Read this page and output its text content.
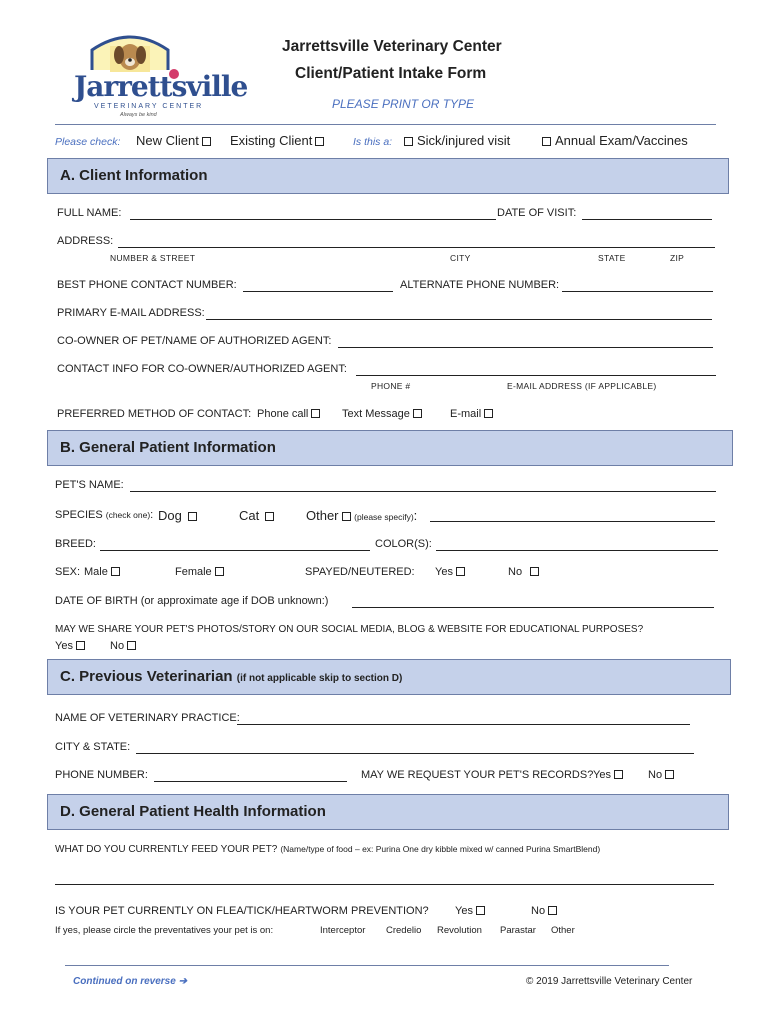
Jarrettsville
VETERINARY CENTER
Always be kind
Jarrettsville Veterinary Center
Client/Patient Intake Form
PLEASE PRINT OR TYPE
Please check: New Client	Existing Client	Is this a:	Sick/injured visit	Annual Exam/Vaccines
A. Client Information
FULL NAME:	DATE OF VISIT:
ADDRESS:
NUMBER & STREET	CITY	STATE	ZIP
BEST PHONE CONTACT NUMBER:	ALTERNATE PHONE NUMBER:
PRIMARY E-MAIL ADDRESS:
CO-OWNER OF PET/NAME OF AUTHORIZED AGENT:
CONTACT INFO FOR CO-OWNER/AUTHORIZED AGENT:
PHONE #	E-MAIL ADDRESS (IF APPLICABLE)
PREFERRED METHOD OF CONTACT: Phone call	Text Message	E-mail
B. General Patient Information
PET'S NAME:
SPECIES (check one): Dog	Cat	Other (please specify):
BREED:	COLOR(S):
SEX: Male	Female	SPAYED/NEUTERED: Yes	No
DATE OF BIRTH (or approximate age if DOB unknown:)
MAY WE SHARE YOUR PET'S PHOTOS/STORY ON OUR SOCIAL MEDIA, BLOG & WEBSITE FOR EDUCATIONAL PURPOSES?
Yes	No
C. Previous Veterinarian (if not applicable skip to section D)
NAME OF VETERINARY PRACTICE:
CITY & STATE:
PHONE NUMBER:	MAY WE REQUEST YOUR PET'S RECORDS? Yes	No
D. General Patient Health Information
WHAT DO YOU CURRENTLY FEED YOUR PET? (Name/type of food – ex: Purina One dry kibble mixed w/ canned Purina SmartBlend)
IS YOUR PET CURRENTLY ON FLEA/TICK/HEARTWORM PREVENTION? Yes	No
If yes, please circle the preventatives your pet is on:	Interceptor Credelio Revolution Parastar Other
Continued on reverse ➔	© 2019 Jarrettsville Veterinary Center
